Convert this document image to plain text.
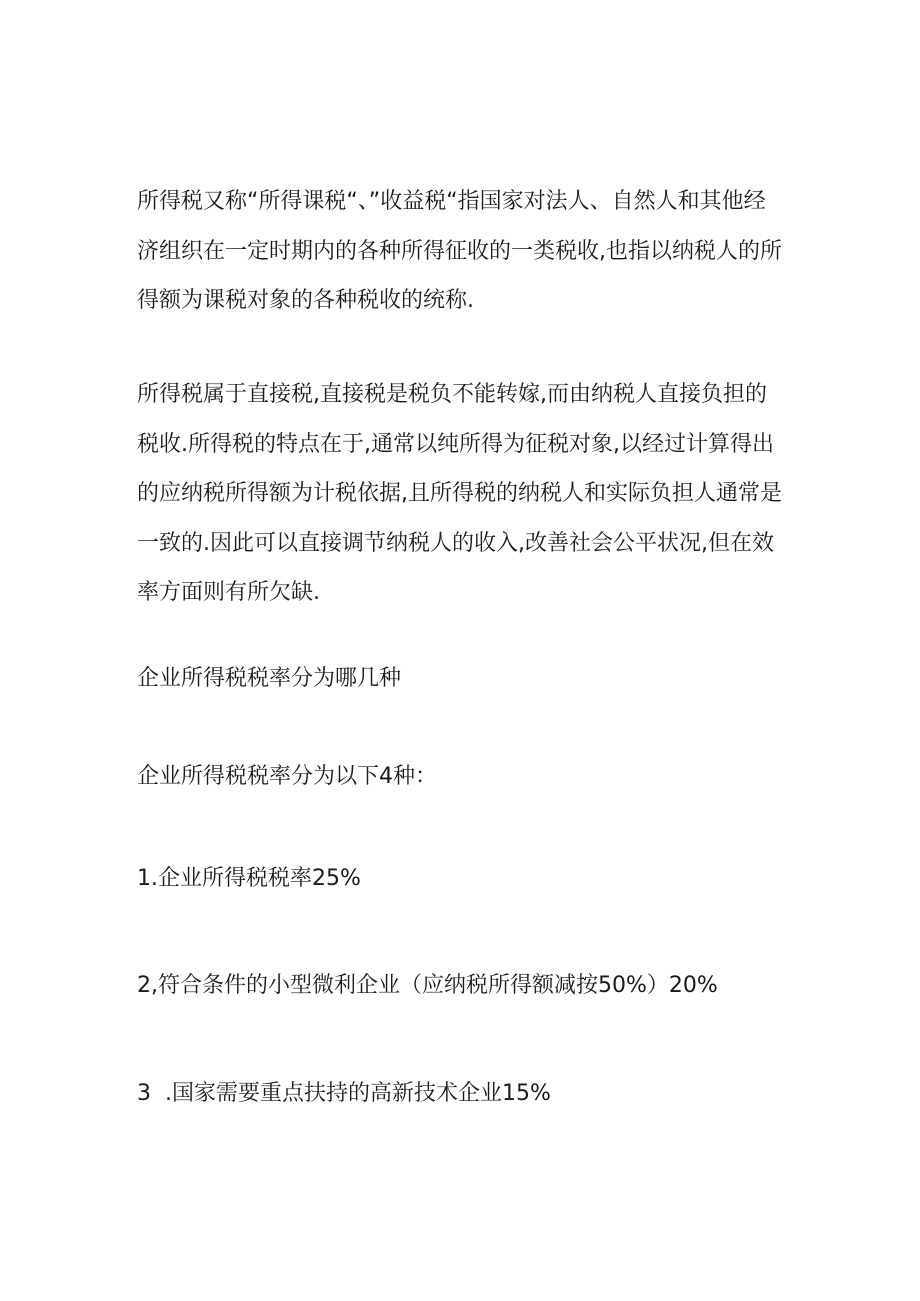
所得税又称“所得课税“、”收益税“指国家对法人、自然人和其他经济组织在一定时期内的各种所得征收的一类税收,也指以纳税人的所得额为课税对象的各种税收的统称.

所得税属于直接税,直接税是税负不能转嫁,而由纳税人直接负担的税收.所得税的特点在于,通常以纯所得为征税对象,以经过计算得出的应纳税所得额为计税依据,且所得税的纳税人和实际负担人通常是一致的.因此可以直接调节纳税人的收入,改善社会公平状况,但在效率方面则有所欠缺.

企业所得税税率分为哪几种

企业所得税税率分为以下4种：

1.企业所得税税率25%

2,符合条件的小型微利企业（应纳税所得额减按50%）20%

3  .国家需要重点扶持的高新技术企业15%
